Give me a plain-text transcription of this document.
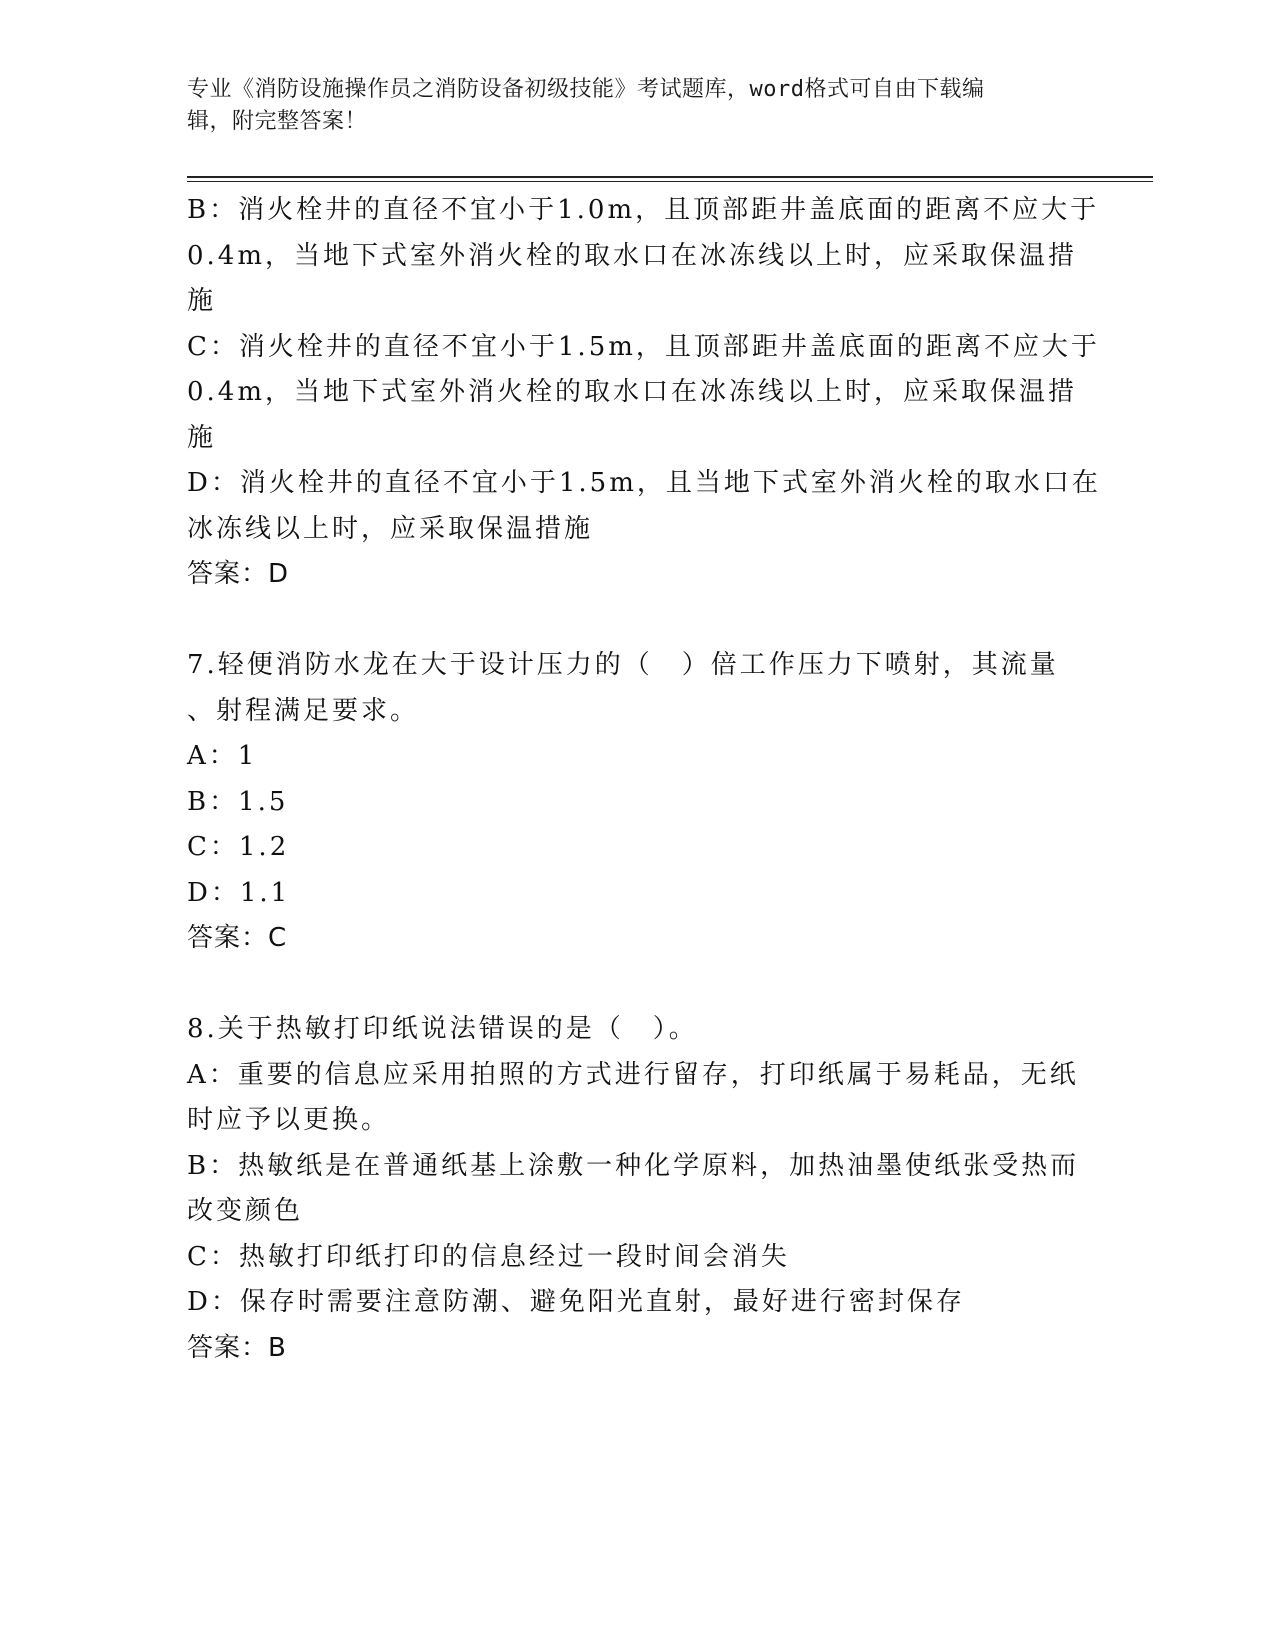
专业《消防设施操作员之消防设备初级技能》考试题库，word格式可自由下载编
辑，附完整答案！
B：消火栓井的直径不宜小于1.0m，且顶部距井盖底面的距离不应大于
0.4m，当地下式室外消火栓的取水口在冰冻线以上时，应采取保温措
施
C：消火栓井的直径不宜小于1.5m，且顶部距井盖底面的距离不应大于
0.4m，当地下式室外消火栓的取水口在冰冻线以上时，应采取保温措
施
D：消火栓井的直径不宜小于1.5m，且当地下式室外消火栓的取水口在
冰冻线以上时，应采取保温措施
答案：D
7.轻便消防水龙在大于设计压力的（　）倍工作压力下喷射，其流量
、射程满足要求。
A：1
B：1.5
C：1.2
D：1.1
答案：C
8.关于热敏打印纸说法错误的是（　）。
A：重要的信息应采用拍照的方式进行留存，打印纸属于易耗品，无纸
时应予以更换。
B：热敏纸是在普通纸基上涂敷一种化学原料，加热油墨使纸张受热而
改变颜色
C：热敏打印纸打印的信息经过一段时间会消失
D：保存时需要注意防潮、避免阳光直射，最好进行密封保存
答案：B
